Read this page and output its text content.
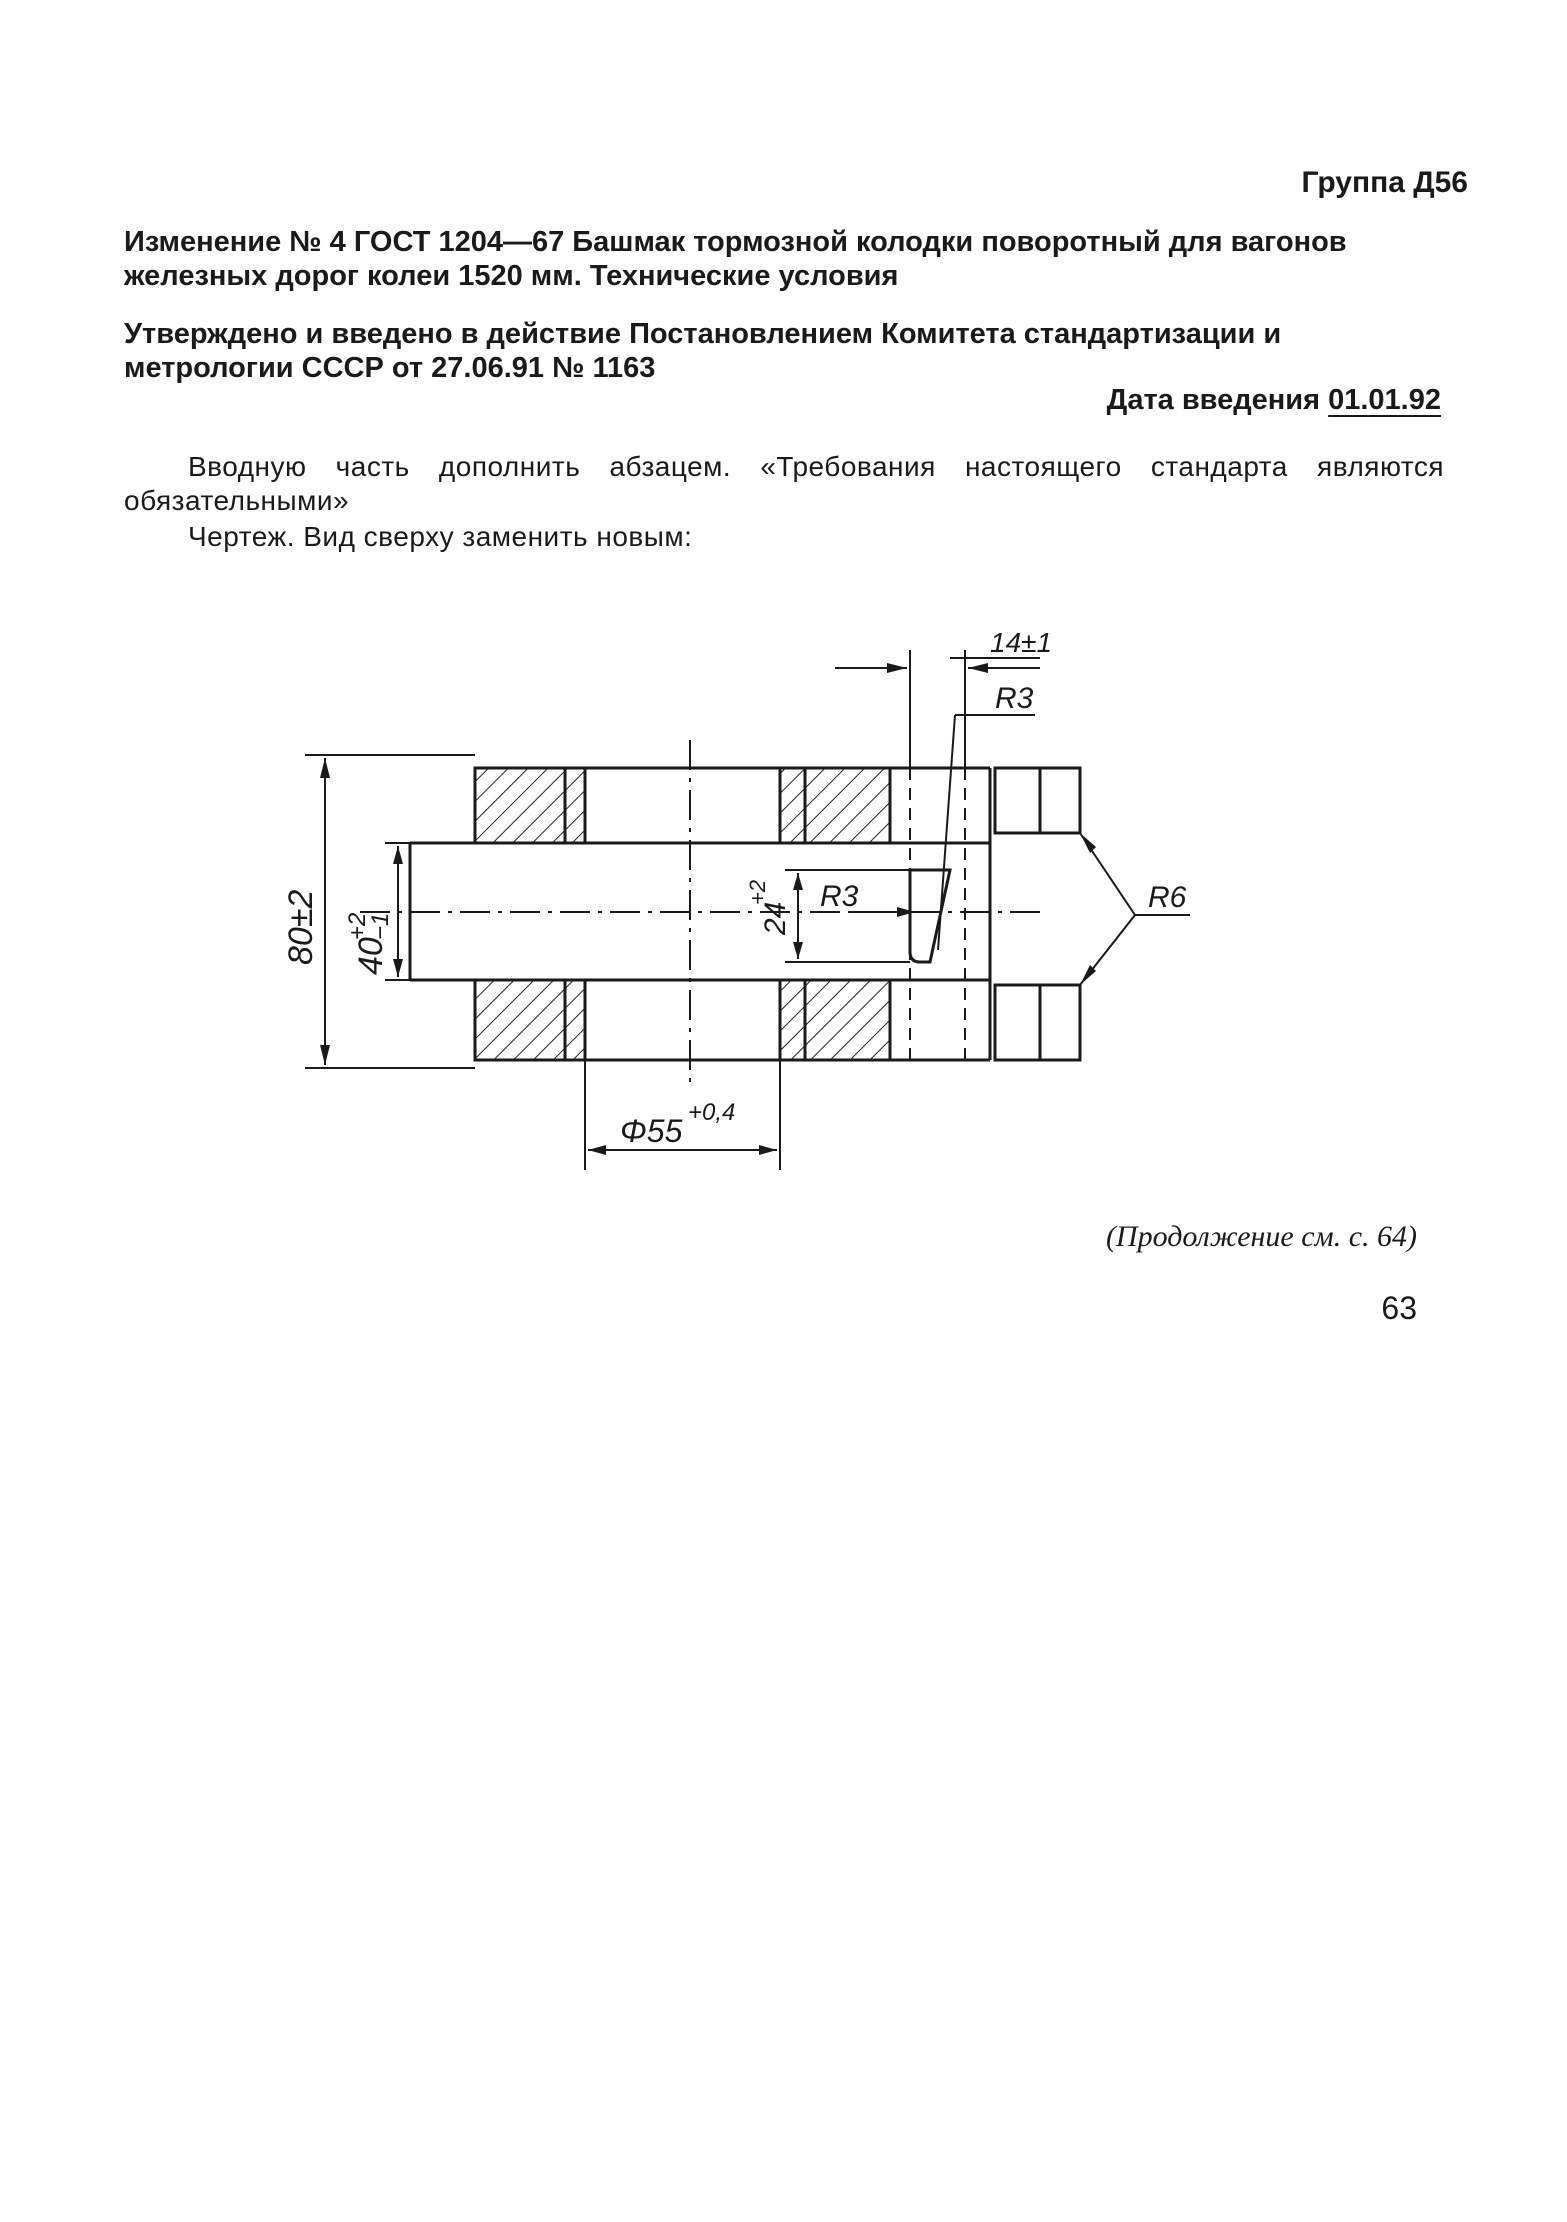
Группа Д56
Изменение № 4 ГОСТ 1204—67 Башмак тормозной колодки поворотный для вагонов железных дорог колеи 1520 мм. Технические условия
Утверждено и введено в действие Постановлением Комитета стандартизации и метрологии СССР от 27.06.91 № 1163
Дата введения 01.01.92
Вводную часть дополнить абзацем. «Требования настоящего стандарта являются обязательными»
Чертеж. Вид сверху заменить новым:
80±2 40
+2
−1	24
+2 R3
R3
14±1
R6
Φ55
+0,4
(Продолжение см. с. 64)
63
